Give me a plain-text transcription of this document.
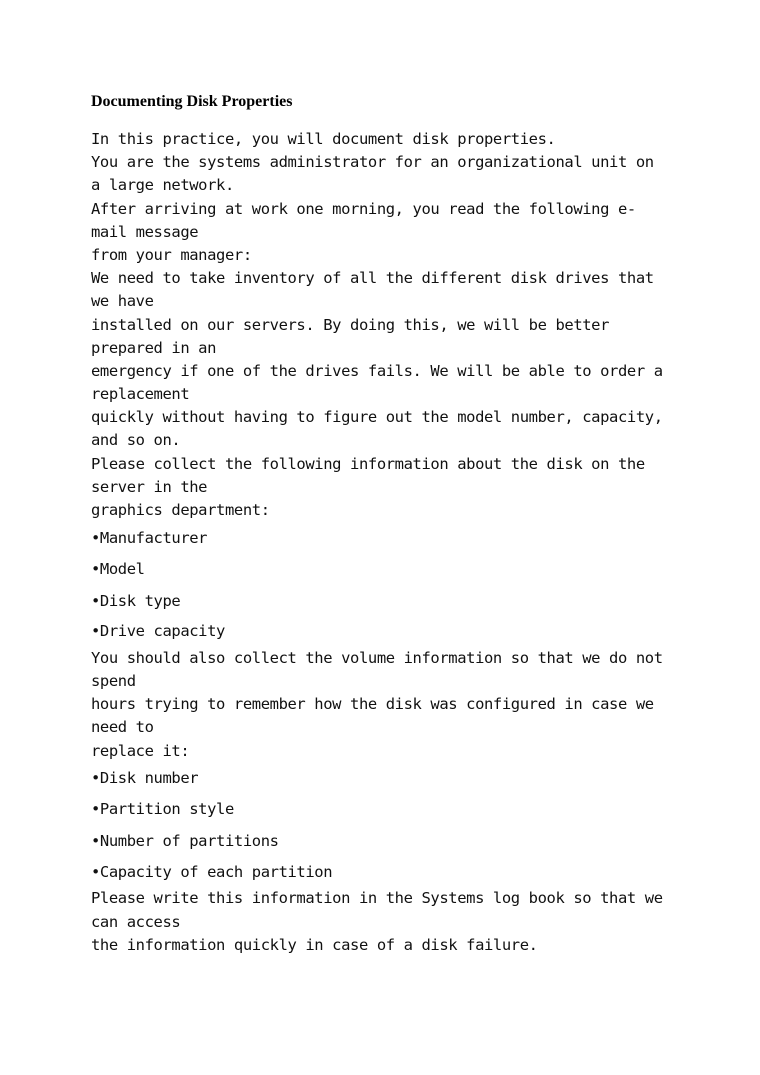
Documenting Disk Properties

In this practice, you will document disk properties.

You are the systems administrator for an organizational unit on

a large network.

After arriving at work one morning, you read the following e-

mail message

from your manager:

We need to take inventory of all the different disk drives that

we have

installed on our servers. By doing this, we will be better

prepared in an

emergency if one of the drives fails. We will be able to order a

replacement

quickly without having to figure out the model number, capacity,

and so on.

Please collect the following information about the disk on the

server in the

graphics department:

•Manufacturer

•Model

•Disk type

•Drive capacity

You should also collect the volume information so that we do not

spend

hours trying to remember how the disk was configured in case we

need to

replace it:

•Disk number

•Partition style

•Number of partitions

•Capacity of each partition

Please write this information in the Systems log book so that we

can access

the information quickly in case of a disk failure.
